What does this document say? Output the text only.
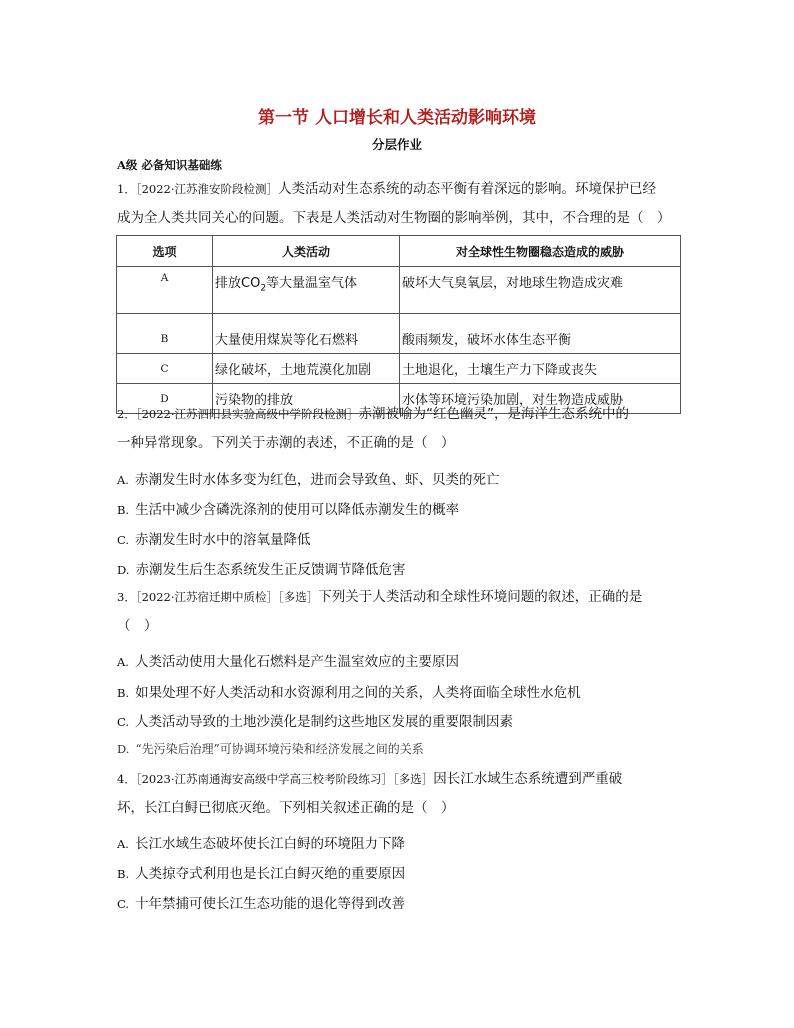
第一节 人口增长和人类活动影响环境
分层作业
A级 必备知识基础练
1．［2022·江苏淮安阶段检测］人类活动对生态系统的动态平衡有着深远的影响。环境保护已经
成为全人类共同关心的问题。下表是人类活动对生物圈的影响举例，其中，不合理的是（　）
选项	人类活动	对全球性生物圈稳态造成的威胁
A	排放$CO_2$等大量温室气体	破坏大气臭氧层，对地球生物造成灾难
B	大量使用煤炭等化石燃料	酸雨频发，破坏水体生态平衡
C	绿化破坏，土地荒漠化加剧	土地退化，土壤生产力下降或丧失
D	污染物的排放	水体等环境污染加剧，对生物造成威胁
2．［2022·江苏泗阳县实验高级中学阶段检测］赤潮被喻为“红色幽灵”，是海洋生态系统中的
一种异常现象。下列关于赤潮的表述，不正确的是（　）
A. 赤潮发生时水体多变为红色，进而会导致鱼、虾、贝类的死亡
B. 生活中减少含磷洗涤剂的使用可以降低赤潮发生的概率
C. 赤潮发生时水中的溶氧量降低
D. 赤潮发生后生态系统发生正反馈调节降低危害
3．［2022·江苏宿迁期中质检］［多选］下列关于人类活动和全球性环境问题的叙述，正确的是
（　）
A. 人类活动使用大量化石燃料是产生温室效应的主要原因
B. 如果处理不好人类活动和水资源利用之间的关系，人类将面临全球性水危机
C. 人类活动导致的土地沙漠化是制约这些地区发展的重要限制因素
D. “先污染后治理”可协调环境污染和经济发展之间的关系
4．［2023·江苏南通海安高级中学高三校考阶段练习］［多选］因长江水域生态系统遭到严重破
坏，长江白鲟已彻底灭绝。下列相关叙述正确的是（　）
A. 长江水域生态破坏使长江白鲟的环境阻力下降
B. 人类掠夺式利用也是长江白鲟灭绝的重要原因
C. 十年禁捕可使长江生态功能的退化等得到改善
